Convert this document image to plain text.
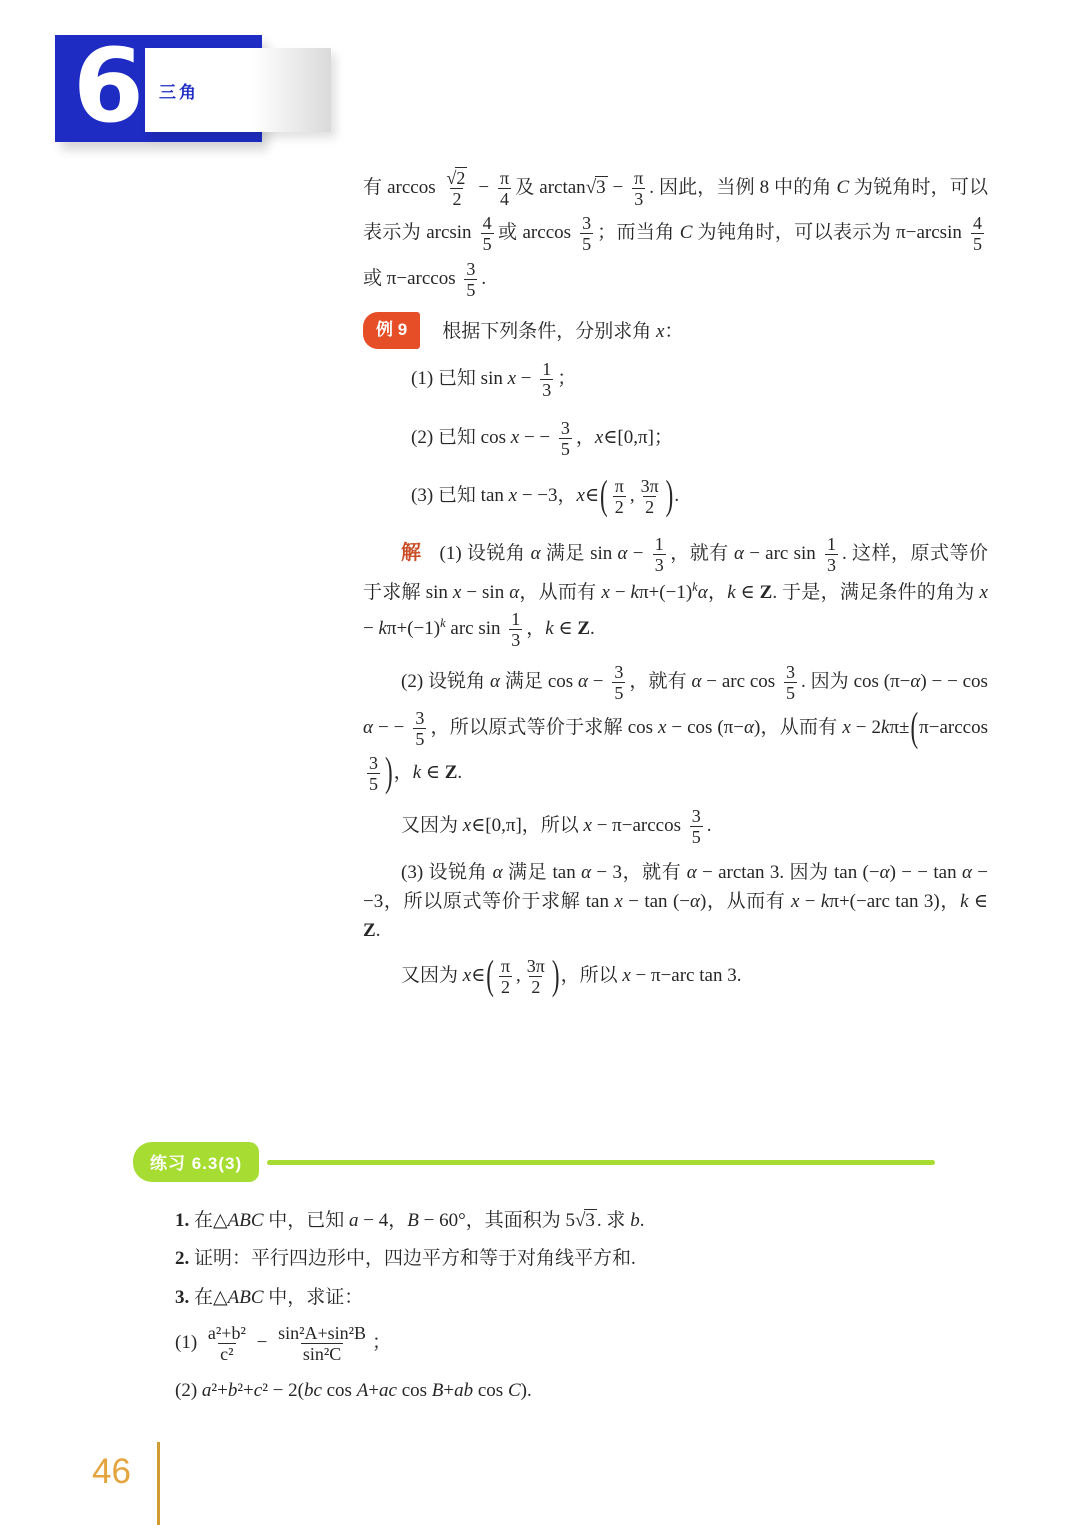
6 三角
有 $\arccos \frac{√2}{2} - \frac{\pi}{4}$ 及 $\arctan√3 - \frac{\pi}{3}$ . 因此，当例 8 中的角 C 为锐角时，可以表示为 $\arcsin \frac{4}{5}$ 或 $\arccos \frac{3}{5}$ ；而当角 C 为钝角时，可以表示为 $\pi-\arcsin \frac{4}{5}$
或 $\pi-\arccos \frac{3}{5}$ .
例 9 根据下列条件，分别求角 x：
(1) 已知 $\sin x - \frac{1}{3}$ ；
(2) 已知 cos x − − $\frac{3}{5}$ ，x∈[0,π]；
(3) 已知 tan x − −3，x∈( $\frac{\pi}{2}$ , $\frac{3\pi}{2}$ ).
解 (1) 设锐角 α 满足 $\sin \alpha - \frac{1}{3}$ ，就有 α − arc $\sin \frac{1}{3}$ . 这样，原式等价于求解 sin x − sin α，从而有 $x - k\pi+(-1)^k\alpha$，k ∈ Z. 于是，满足条件的角为 $x - k\pi+(-1)^k$ arc $\sin \frac{1}{3}$ ，k ∈ Z.
(2) 设锐角 α 满足 $\cos \alpha - \frac{3}{5}$ ，就有 α − arc $\cos \frac{3}{5}$ . 因为 cos (π−α) − − cos α − − $\frac{3}{5}$ ，所以原式等价于求解 cos x − cos (π−α)，从而有 x − 2kπ±(π−arccos
$\frac{3}{5}$ )，k ∈ Z.
又因为 x∈[0,π]，所以 $x - \pi-\arccos \frac{3}{5}$ .
(3) 设锐角 α 满足 tan α − 3，就有 α − arctan 3. 因为 tan (−α) − − tan α − −3，所以原式等价于求解 tan x − tan (−α)，从而有 x − kπ+(−arc tan 3)，k ∈ Z.
又因为 x∈( $\frac{\pi}{2}$ , $\frac{3\pi}{2}$ )，所以 x − π−arc tan 3.
练习 6.3(3)
1. 在△ABC 中，已知 a − 4，B − 60°，其面积为 5√3 . 求 b.
2. 证明：平行四边形中，四边平方和等于对角线平方和.
3. 在△ABC 中，求证：
$(1) \frac{\text{a²+b²}}{\text{c²}} - \frac{\text{sin²A+sin²B}}{\text{sin²C}}$ ；
(2) a²+b²+c² − 2(bc cos A+ac cos B+ab cos C).
46
